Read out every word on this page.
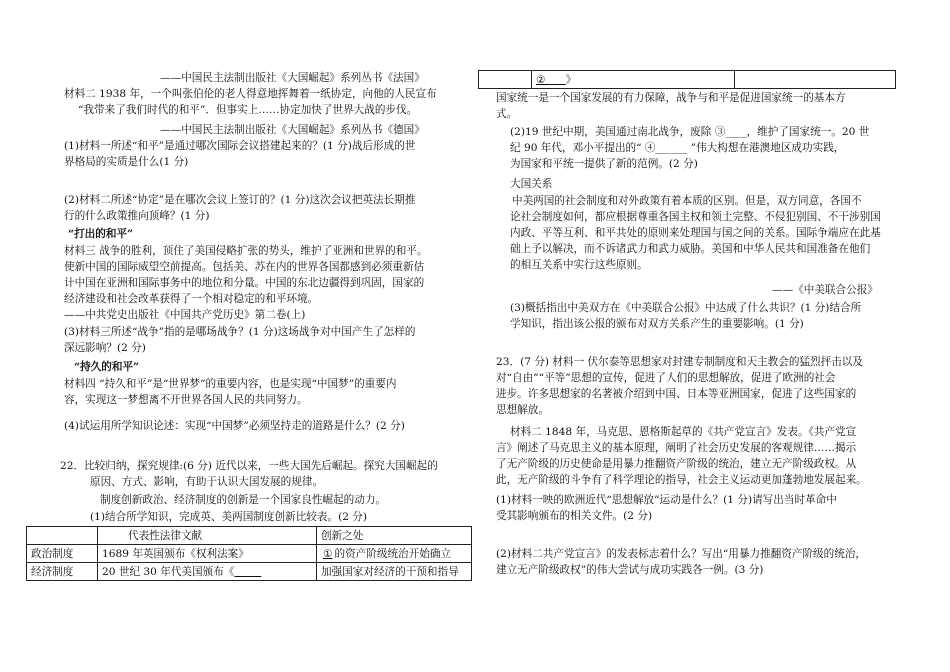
——中国民主法制出版社《大国崛起》系列丛书《法国》

材料二 1938 年，一个叫张伯伦的老人得意地挥舞着一纸协定，向他的人民宣布

“我带来了我们时代的和平”．但事实上……协定加快了世界大战的步伐。

——中国民主法制出版社《大国崛起》系列丛书《德国》

(1)材料一所述“和平”是通过哪次国际会议搭建起来的？(1 分)战后形成的世

界格局的实质是什么(1 分)

(2)材料二所述“协定”是在哪次会议上签订的？(1 分)这次会议把英法长期推

行的什么政策推向顶峰？(1 分)

“打出的和平”

材料三 战争的胜利，顶住了美国侵略扩张的势头，维护了亚洲和世界的和平。

使新中国的国际威望空前提高。包括美、苏在内的世界各国都感到必须重新估

计中国在亚洲和国际事务中的地位和分量。中国的东北边疆得到巩固，国家的

经济建设和社会改革获得了一个相对稳定的和平环境。

——中共党史出版社《中国共产党历史》第二卷(上)

(3)材料三所述“战争”指的是哪场战争？(1 分)这场战争对中国产生了怎样的

深远影响？(2 分)

“持久的和平”

材料四 “持久和平”是“世界梦”的重要内容，也是实现“中国梦”的重要内

容，实现这一梦想离不开世界各国人民的共同努力。

(4)试运用所学知识论述：实现“中国梦”必须坚持走的道路是什么？(2 分)

22．比较归纳，探究规律:(6 分) 近代以来，一些大国先后崛起。探究大国崛起的

原因、方式、影响，有助于认识大国发展的规律。

制度创新政治、经济制度的创新是一个国家良性崛起的动力。

(1)结合所学知识，完成英、美两国制度创新比较表。(2 分)

	代表性法律文献	创新之处
政治制度	1689 年英国颁布《权利法案》	① 的资产阶级统治开始确立
经济制度	20 世纪 30 年代美国颁布《	加强国家对经济的干预和指导
	② 》	

国家统一是一个国家发展的有力保障，战争与和平是促进国家统一的基本方

式。

(2)19 世纪中期，美国通过南北战争，废除 ③____，维护了国家统一。20 世

纪 90 年代，邓小平提出的“ ④______ ”伟大构想在港澳地区成功实践，

为国家和平统一提供了新的范例。(2 分)

大国关系

中美两国的社会制度和对外政策有着本质的区别。但是，双方同意，各国不

论社会制度如何，都应根据尊重各国主权和领土完整、不侵犯别国、不干涉别国

内政、平等互利、和平共处的原则来处理国与国之间的关系。国际争端应在此基

础上予以解决，而不诉诸武力和武力威胁。美国和中华人民共和国准备在他们

的相互关系中实行这些原则。

——《中美联合公报》

(3)概括指出中美双方在《中美联合公报》中达成了什么共识？(1 分)结合所

学知识，指出该公报的颁布对双方关系产生的重要影响。(1 分)

23．(7 分) 材料一 伏尔泰等思想家对封建专制制度和天主教会的猛烈抨击以及

对“自由”“平等”思想的宣传，促进了人们的思想解放，促进了欧洲的社会

进步。许多思想家的名著被介绍到中国、日本等亚洲国家，促进了这些国家的

思想解放。

材料二 1848 年，马克思、恩格斯起草的《共产党宣言》发表。《共产党宣

言》阐述了马克思主义的基本原理，阐明了社会历史发展的客观规律……揭示

了无产阶级的历史使命是用暴力推翻资产阶级的统治，建立无产阶级政权。从

此，无产阶级的斗争有了科学理论的指导，社会主义运动更加蓬勃地发展起来。

(1)材料一映的欧洲近代“思想解放”运动是什么？(1 分)请写出当时革命中

受其影响颁布的相关文件。(2 分)

(2)材料二共产党宣言》的发表标志着什么？写出“用暴力推翻资产阶级的统治，

建立无产阶级政权”的伟大尝试与成功实践各一例。(3 分)
